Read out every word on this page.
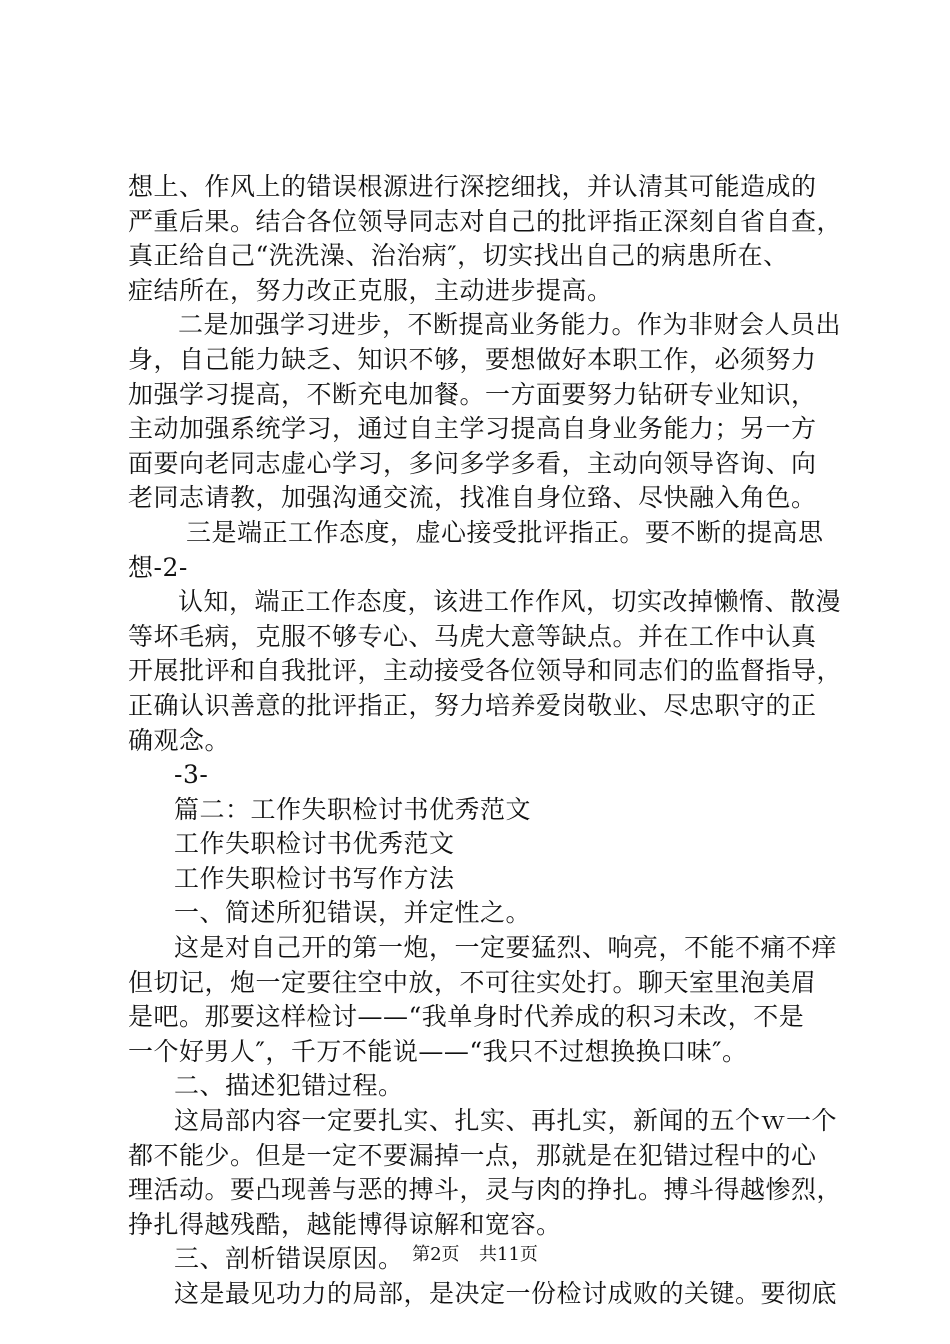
想上、作风上的错误根源进行深挖细找，并认清其可能造成的
严重后果。结合各位领导同志对自己的批评指正深刻自省自查，
真正给自己“洗洗澡、治治病″，切实找出自己的病患所在、
症结所在，努力改正克服，主动进步提高。
二是加强学习进步，不断提高业务能力。作为非财会人员出
身，自己能力缺乏、知识不够，要想做好本职工作，必须努力
加强学习提高，不断充电加餐。一方面要努力钻研专业知识，
主动加强系统学习，通过自主学习提高自身业务能力；另一方
面要向老同志虚心学习，多问多学多看，主动向领导咨询、向
老同志请教，加强沟通交流，找准自身位臵、尽快融入角色。
三是端正工作态度，虚心接受批评指正。要不断的提高思
想-2-
认知，端正工作态度，该进工作作风，切实改掉懒惰、散漫
等坏毛病，克服不够专心、马虎大意等缺点。并在工作中认真
开展批评和自我批评，主动接受各位领导和同志们的监督指导，
正确认识善意的批评指正，努力培养爱岗敬业、尽忠职守的正
确观念。
-3-
篇二：工作失职检讨书优秀范文
工作失职检讨书优秀范文
工作失职检讨书写作方法
一、简述所犯错误，并定性之。
这是对自己开的第一炮，一定要猛烈、响亮，不能不痛不痒
但切记，炮一定要往空中放，不可往实处打。聊天室里泡美眉
是吧。那要这样检讨——“我单身时代养成的积习未改，不是
一个好男人″，千万不能说——“我只不过想换换口味″。
二、描述犯错过程。
这局部内容一定要扎实、扎实、再扎实，新闻的五个ｗ一个
都不能少。但是一定不要漏掉一点，那就是在犯错过程中的心
理活动。要凸现善与恶的搏斗，灵与肉的挣扎。搏斗得越惨烈，
挣扎得越残酷，越能博得谅解和宽容。
三、剖析错误原因。
这是最见功力的局部，是决定一份检讨成败的关键。要彻底
第2页 共11页
